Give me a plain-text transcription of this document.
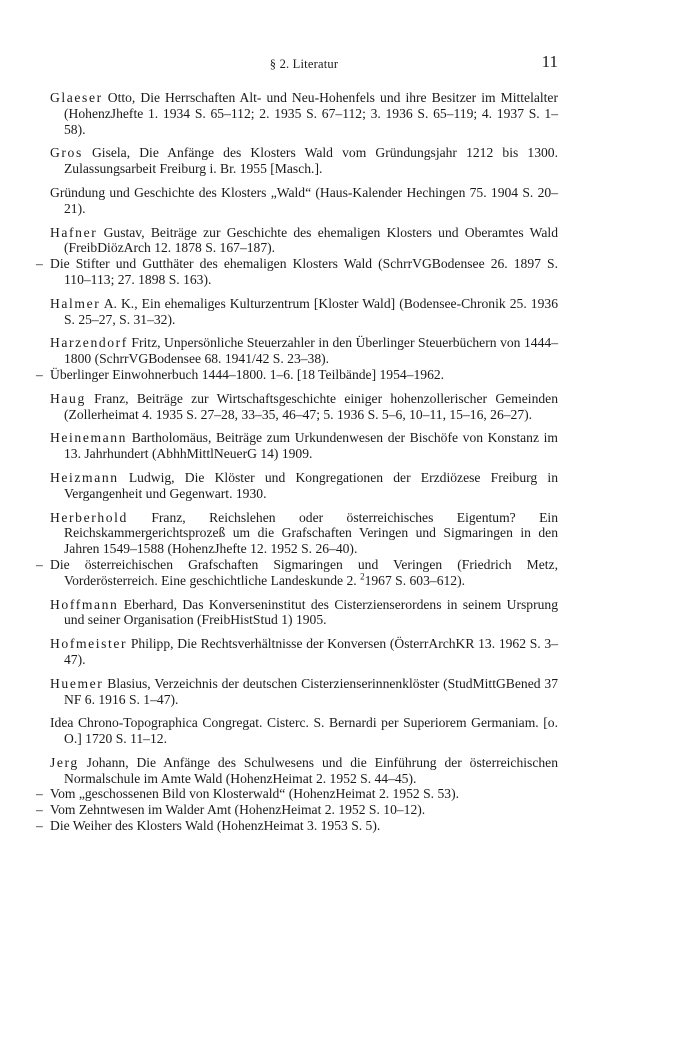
§ 2. Literatur	11
Glaeser Otto, Die Herrschaften Alt- und Neu-Hohenfels und ihre Besitzer im Mittelalter (HohenzJhefte 1. 1934 S. 65–112; 2. 1935 S. 67–112; 3. 1936 S. 65–119; 4. 1937 S. 1–58).
Gros Gisela, Die Anfänge des Klosters Wald vom Gründungsjahr 1212 bis 1300. Zulassungsarbeit Freiburg i. Br. 1955 [Masch.].
Gründung und Geschichte des Klosters „Wald“ (Haus-Kalender Hechingen 75. 1904 S. 20–21).
Hafner Gustav, Beiträge zur Geschichte des ehemaligen Klosters und Oberamtes Wald (FreibDiözArch 12. 1878 S. 167–187).
– Die Stifter und Gutthäter des ehemaligen Klosters Wald (SchrrVGBodensee 26. 1897 S. 110–113; 27. 1898 S. 163).
Halmer A. K., Ein ehemaliges Kulturzentrum [Kloster Wald] (Bodensee-Chronik 25. 1936 S. 25–27, S. 31–32).
Harzendorf Fritz, Unpersönliche Steuerzahler in den Überlinger Steuerbüchern von 1444–1800 (SchrrVGBodensee 68. 1941/42 S. 23–38).
– Überlinger Einwohnerbuch 1444–1800. 1–6. [18 Teilbände] 1954–1962.
Haug Franz, Beiträge zur Wirtschaftsgeschichte einiger hohenzollerischer Gemeinden (Zollerheimat 4. 1935 S. 27–28, 33–35, 46–47; 5. 1936 S. 5–6, 10–11, 15–16, 26–27).
Heinemann Bartholomäus, Beiträge zum Urkundenwesen der Bischöfe von Konstanz im 13. Jahrhundert (AbhhMittlNeuerG 14) 1909.
Heizmann Ludwig, Die Klöster und Kongregationen der Erzdiözese Freiburg in Vergangenheit und Gegenwart. 1930.
Herberhold Franz, Reichslehen oder österreichisches Eigentum? Ein Reichskammergerichtsprozeß um die Grafschaften Veringen und Sigmaringen in den Jahren 1549–1588 (HohenzJhefte 12. 1952 S. 26–40).
– Die österreichischen Grafschaften Sigmaringen und Veringen (Friedrich Metz, Vorderösterreich. Eine geschichtliche Landeskunde 2. $^2$1967 S. 603–612).
Hoffmann Eberhard, Das Konverseninstitut des Cisterzienserordens in seinem Ursprung und seiner Organisation (FreibHistStud 1) 1905.
Hofmeister Philipp, Die Rechtsverhältnisse der Konversen (ÖsterrArchKR 13. 1962 S. 3–47).
Huemer Blasius, Verzeichnis der deutschen Cisterzienserinnenklöster (StudMittGBened 37 NF 6. 1916 S. 1–47).
Idea Chrono-Topographica Congregat. Cisterc. S. Bernardi per Superiorem Germaniam. [o. O.] 1720 S. 11–12.
Jerg Johann, Die Anfänge des Schulwesens und die Einführung der österreichischen Normalschule im Amte Wald (HohenzHeimat 2. 1952 S. 44–45).
– Vom „geschossenen Bild von Klosterwald“ (HohenzHeimat 2. 1952 S. 53).
– Vom Zehntwesen im Walder Amt (HohenzHeimat 2. 1952 S. 10–12).
– Die Weiher des Klosters Wald (HohenzHeimat 3. 1953 S. 5).
